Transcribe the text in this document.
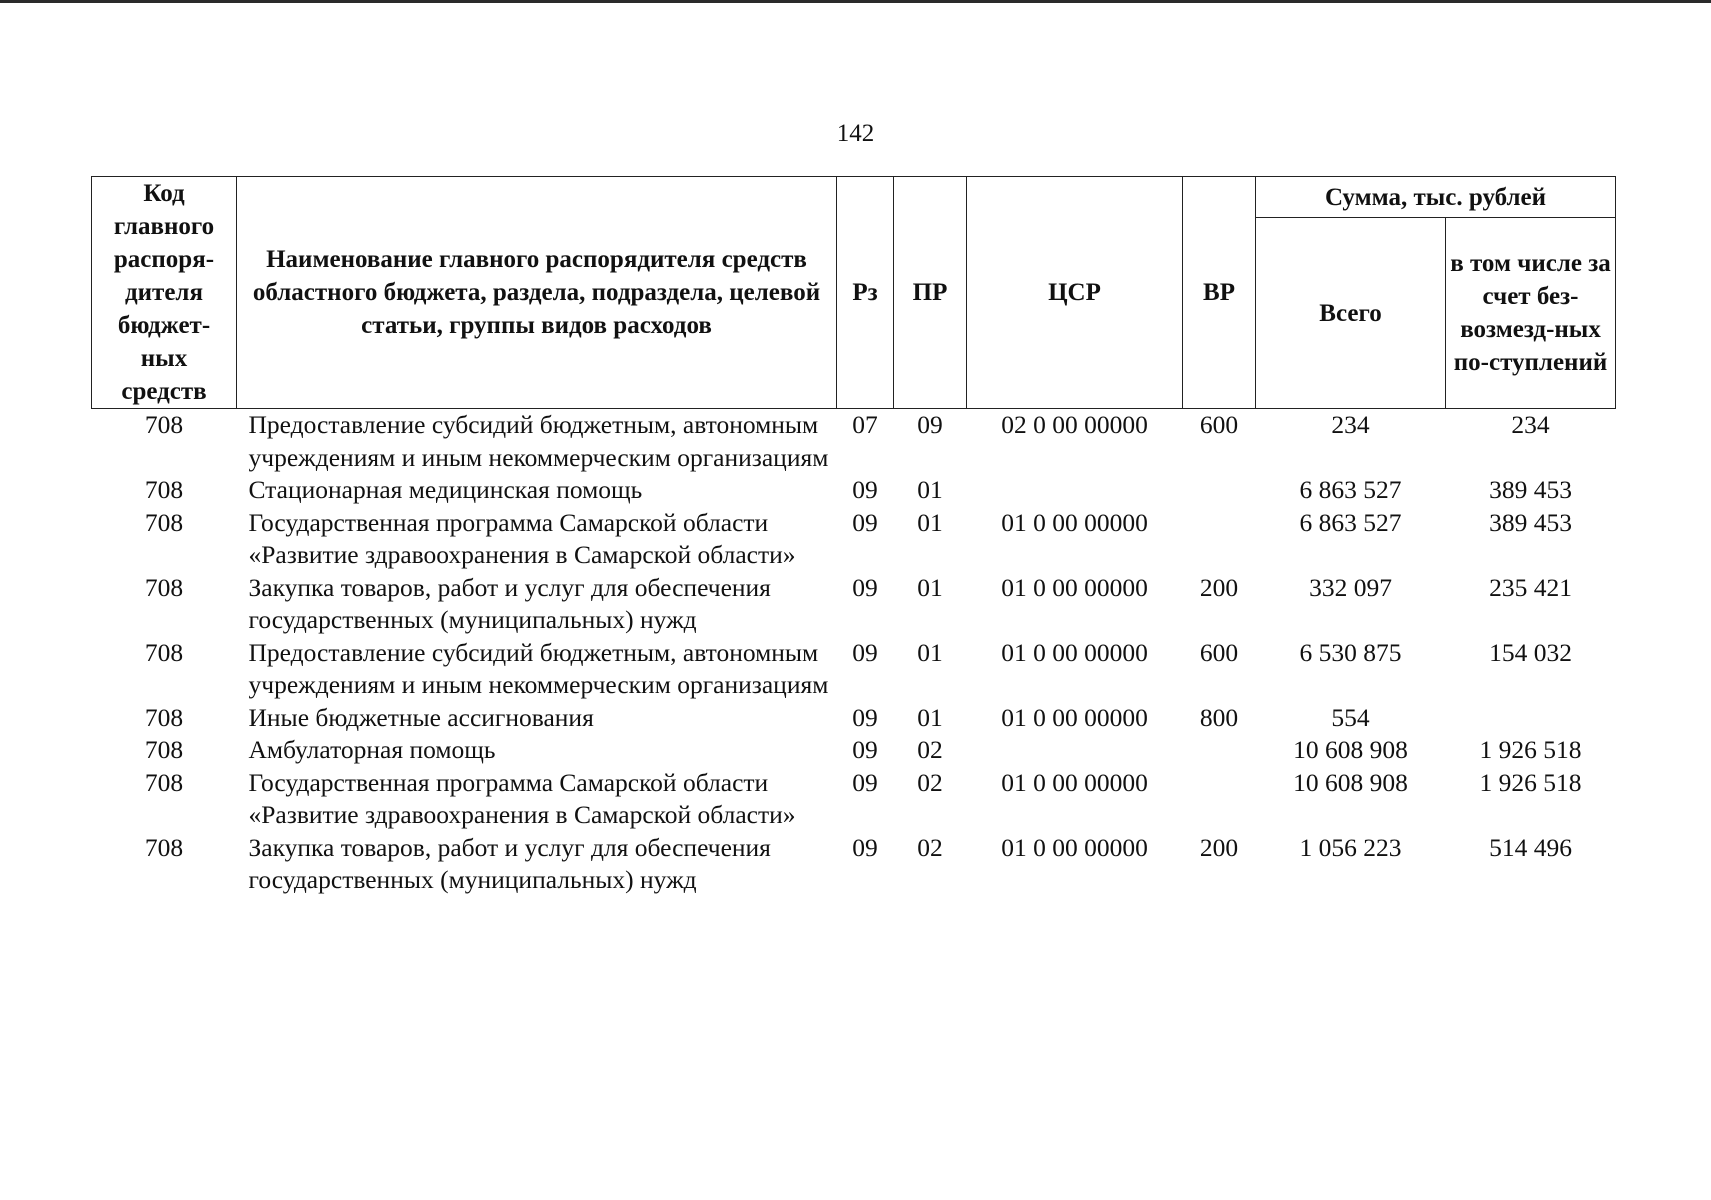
142
Код главного распоря-дителя бюджет-ных средств	Наименование главного распорядителя средств областного бюджета, раздела, подраздела, целевой статьи, группы видов расходов	Рз	ПР	ЦСР	ВР	Сумма, тыс. рублей	
						Всего	в том числе за счет без-возмезд-ных по-ступлений
708	Предоставление субсидий бюджетным, автономным учреждениям и иным некоммерческим организациям	07	09	02 0 00 00000	600	234	234
708	Стационарная медицинская помощь	09	01			6 863 527	389 453
708	Государственная программа Самарской области «Развитие здравоохранения в Самарской области»	09	01	01 0 00 00000		6 863 527	389 453
708	Закупка товаров, работ и услуг для обеспечения государственных (муниципальных) нужд	09	01	01 0 00 00000	200	332 097	235 421
708	Предоставление субсидий бюджетным, автономным учреждениям и иным некоммерческим организациям	09	01	01 0 00 00000	600	6 530 875	154 032
708	Иные бюджетные ассигнования	09	01	01 0 00 00000	800	554	
708	Амбулаторная помощь	09	02			10 608 908	1 926 518
708	Государственная программа Самарской области «Развитие здравоохранения в Самарской области»	09	02	01 0 00 00000		10 608 908	1 926 518
708	Закупка товаров, работ и услуг для обеспечения государственных (муниципальных) нужд	09	02	01 0 00 00000	200	1 056 223	514 496
